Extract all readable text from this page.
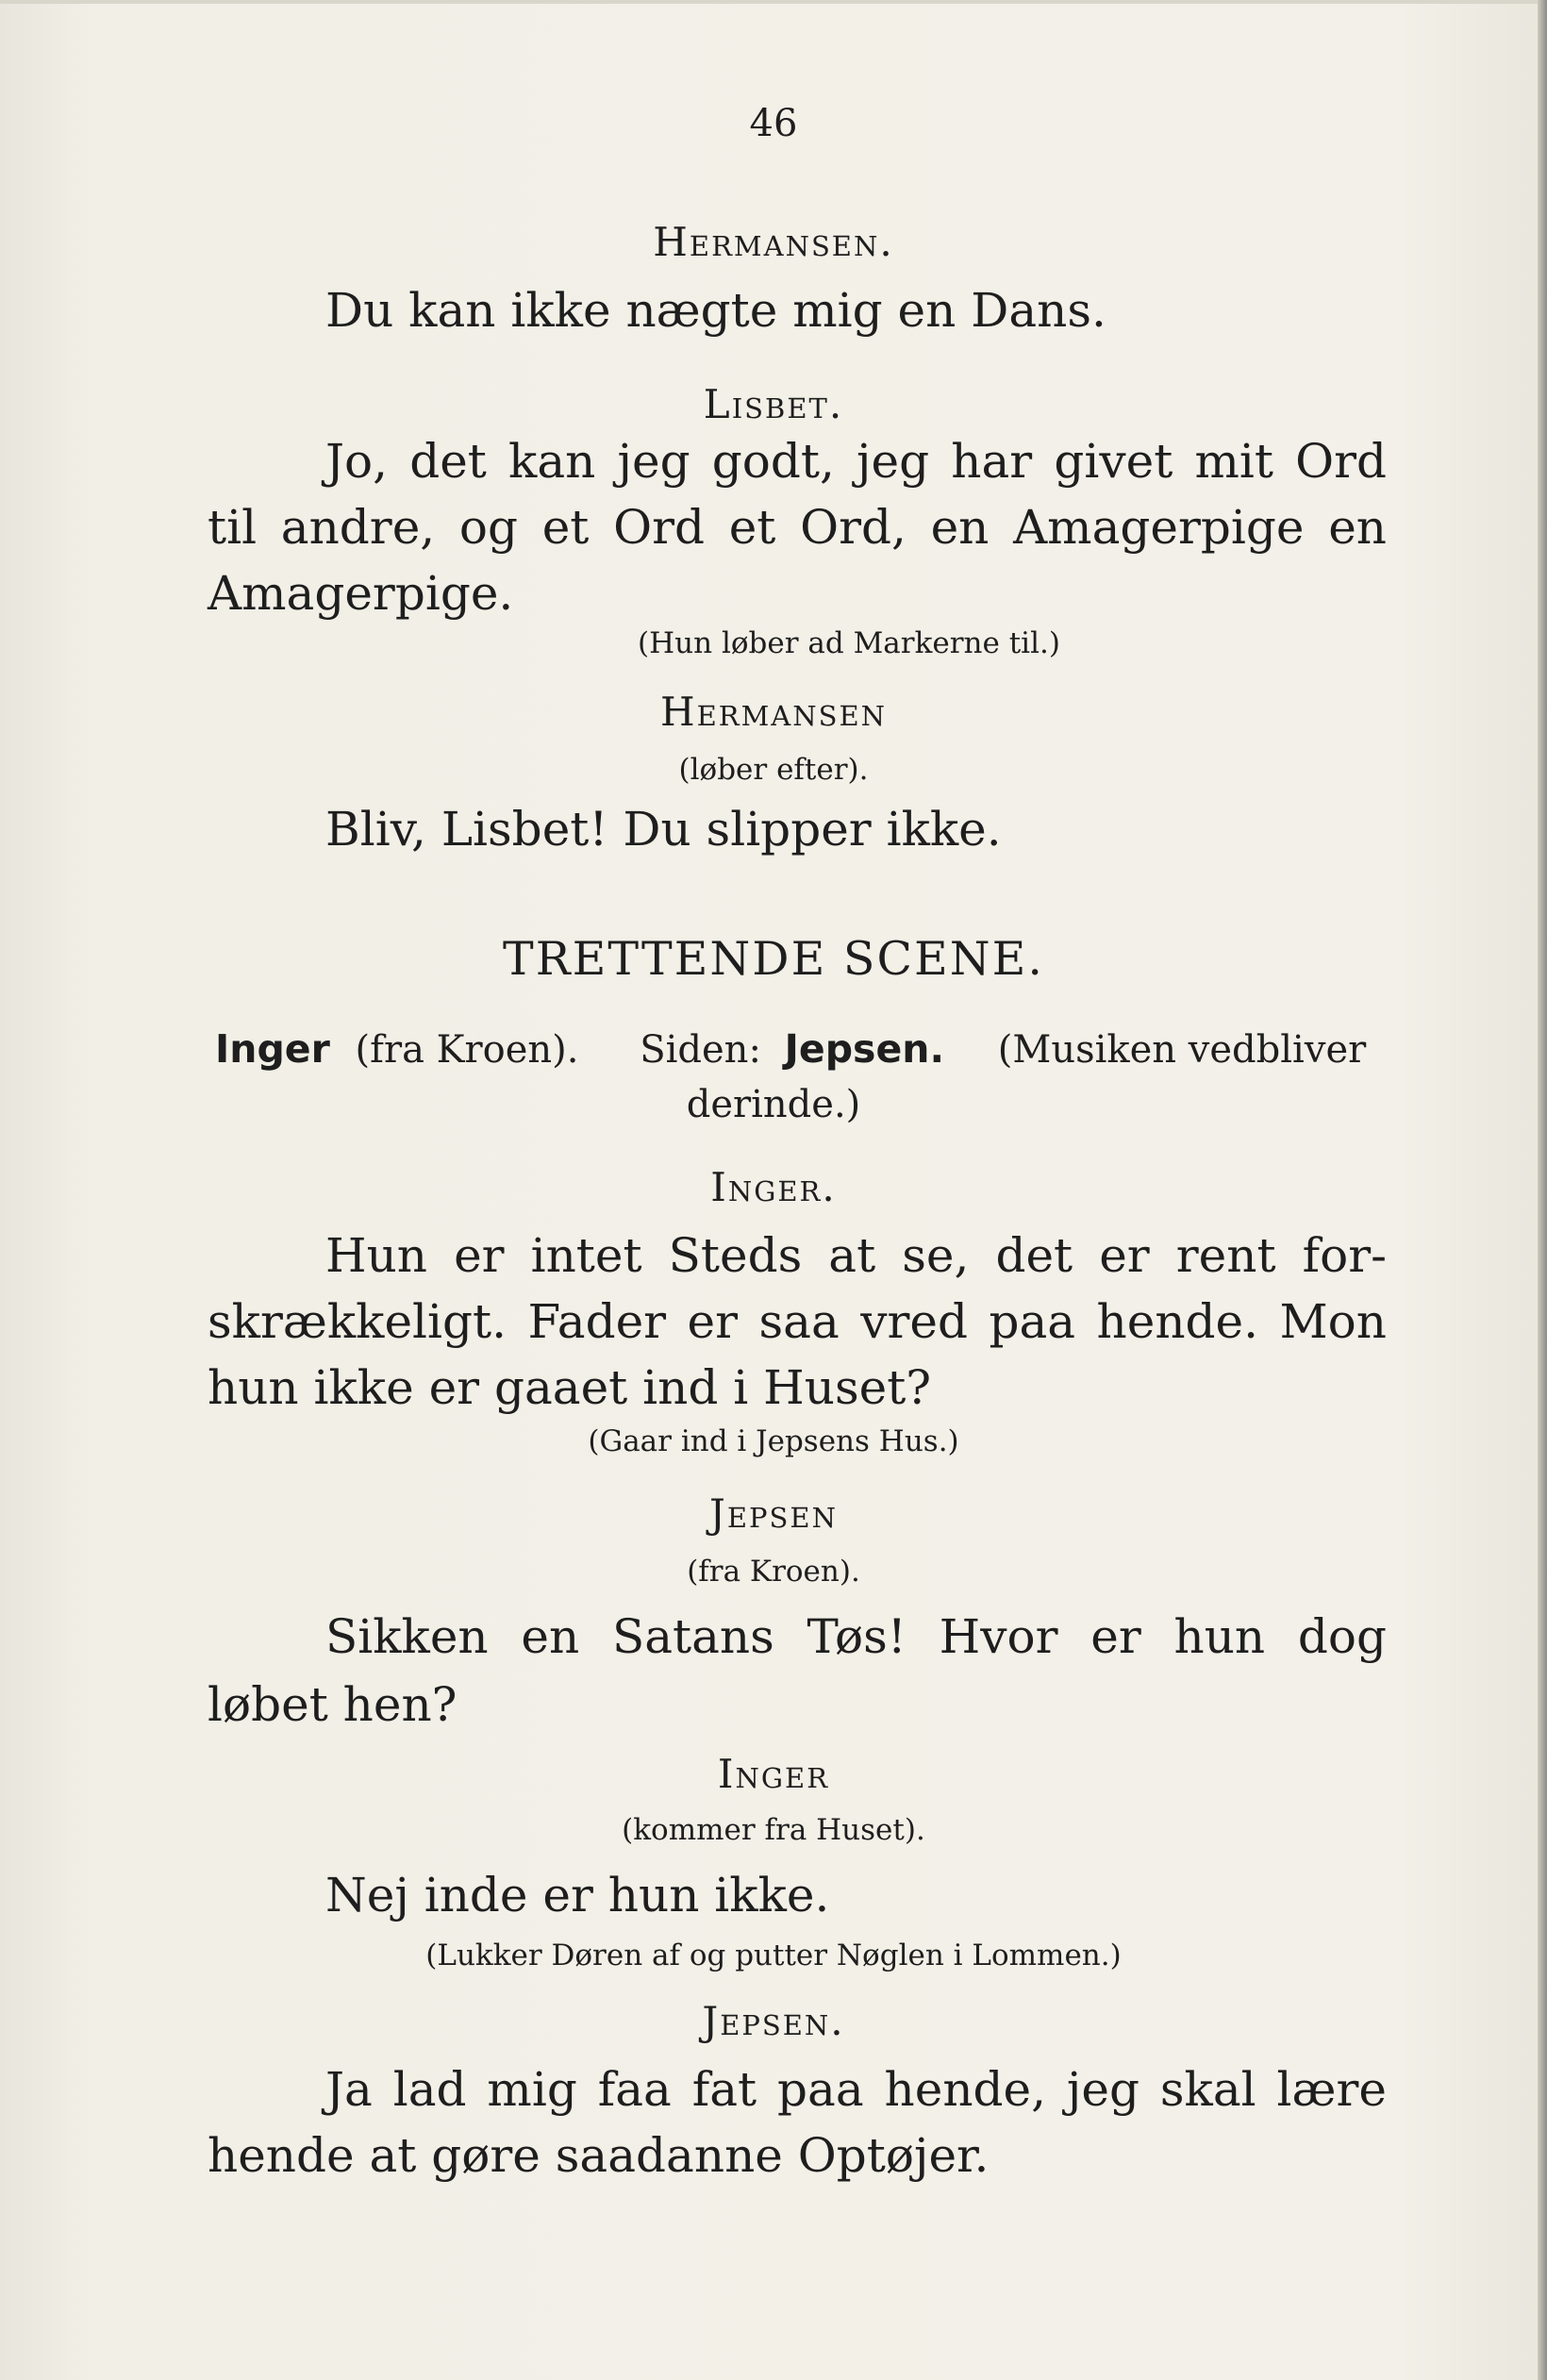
46
Hermansen.
Du kan ikke nægte mig en Dans.
Lisbet.
Jo, det kan jeg godt, jeg har givet mit Ord
til andre, og et Ord et Ord, en Amagerpige en
Amagerpige.
(Hun løber ad Markerne til.)
Hermansen
(løber efter).
Bliv, Lisbet! Du slipper ikke.
TRETTENDE SCENE.
Inger (fra Kroen). Siden: Jepsen. (Musiken vedbliver
derinde.)
Inger.
Hun er intet Steds at se, det er rent for-
skrækkeligt. Fader er saa vred paa hende. Mon
hun ikke er gaaet ind i Huset?
(Gaar ind i Jepsens Hus.)
Jepsen
(fra Kroen).
Sikken en Satans Tøs! Hvor er hun dog
løbet hen?
Inger
(kommer fra Huset).
Nej inde er hun ikke.
(Lukker Døren af og putter Nøglen i Lommen.)
Jepsen.
Ja lad mig faa fat paa hende, jeg skal lære
hende at gøre saadanne Optøjer.
